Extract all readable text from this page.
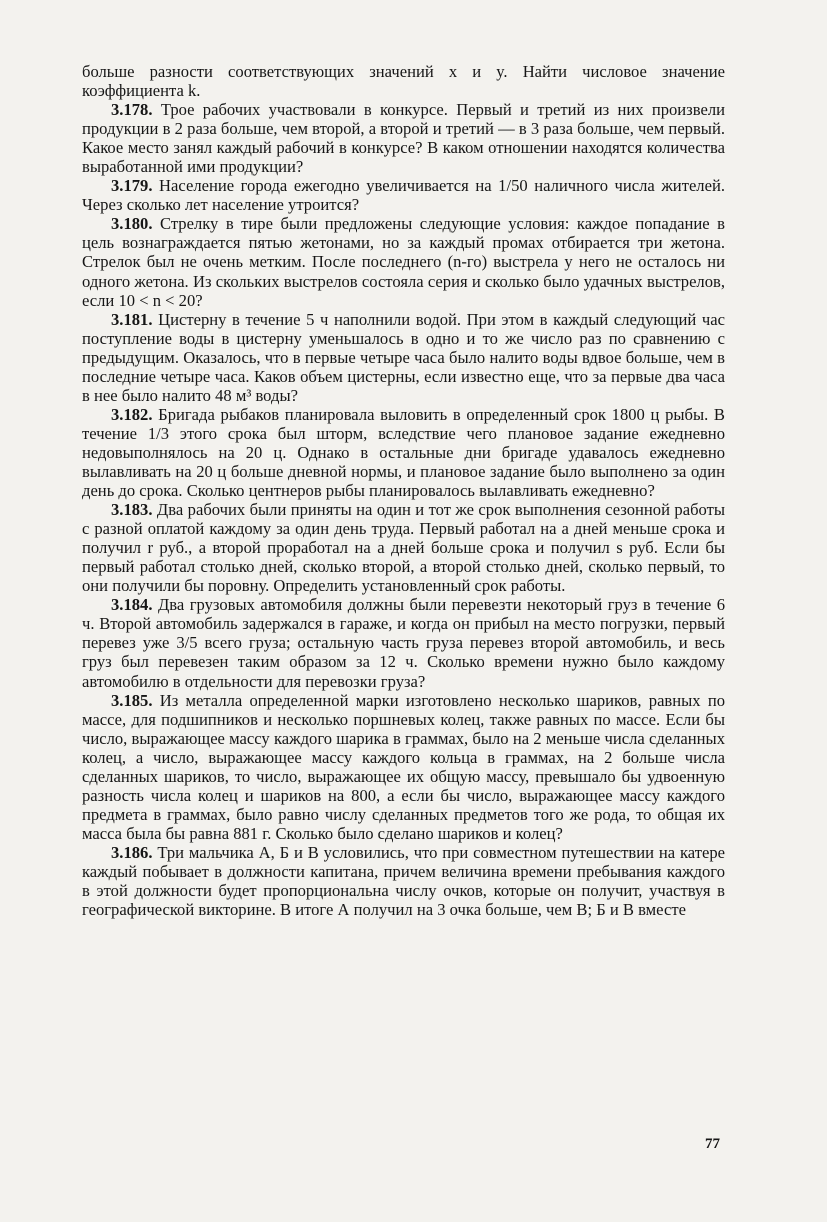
больше разности соответствующих значений x и y. Найти числовое значение коэффициента k.

3.178. Трое рабочих участвовали в конкурсе. Первый и третий из них произвели продукции в 2 раза больше, чем второй, а второй и третий — в 3 раза больше, чем первый. Какое место занял каждый рабочий в конкурсе? В каком отношении находятся количества выработанной ими продукции?

3.179. Население города ежегодно увеличивается на 1/50 наличного числа жителей. Через сколько лет население утроится?

3.180. Стрелку в тире были предложены следующие условия: каждое попадание в цель вознаграждается пятью жетонами, но за каждый промах отбирается три жетона. Стрелок был не очень метким. После последнего (n-го) выстрела у него не осталось ни одного жетона. Из скольких выстрелов состояла серия и сколько было удачных выстрелов, если 10 < n < 20?

3.181. Цистерну в течение 5 ч наполнили водой. При этом в каждый следующий час поступление воды в цистерну уменьшалось в одно и то же число раз по сравнению с предыдущим. Оказалось, что в первые четыре часа было налито воды вдвое больше, чем в последние четыре часа. Каков объем цистерны, если известно еще, что за первые два часа в нее было налито 48 м³ воды?

3.182. Бригада рыбаков планировала выловить в определенный срок 1800 ц рыбы. В течение 1/3 этого срока был шторм, вследствие чего плановое задание ежедневно недовыполнялось на 20 ц. Однако в остальные дни бригаде удавалось ежедневно вылавливать на 20 ц больше дневной нормы, и плановое задание было выполнено за один день до срока. Сколько центнеров рыбы планировалось вылавливать ежедневно?

3.183. Два рабочих были приняты на один и тот же срок выполнения сезонной работы с разной оплатой каждому за один день труда. Первый работал на a дней меньше срока и получил r руб., а второй проработал на a дней больше срока и получил s руб. Если бы первый работал столько дней, сколько второй, а второй столько дней, сколько первый, то они получили бы поровну. Определить установленный срок работы.

3.184. Два грузовых автомобиля должны были перевезти некоторый груз в течение 6 ч. Второй автомобиль задержался в гараже, и когда он прибыл на место погрузки, первый перевез уже 3/5 всего груза; остальную часть груза перевез второй автомобиль, и весь груз был перевезен таким образом за 12 ч. Сколько времени нужно было каждому автомобилю в отдельности для перевозки груза?

3.185. Из металла определенной марки изготовлено несколько шариков, равных по массе, для подшипников и несколько поршневых колец, также равных по массе. Если бы число, выражающее массу каждого шарика в граммах, было на 2 меньше числа сделанных колец, а число, выражающее массу каждого кольца в граммах, на 2 больше числа сделанных шариков, то число, выражающее их общую массу, превышало бы удвоенную разность числа колец и шариков на 800, а если бы число, выражающее массу каждого предмета в граммах, было равно числу сделанных предметов того же рода, то общая их масса была бы равна 881 г. Сколько было сделано шариков и колец?

3.186. Три мальчика А, Б и В условились, что при совместном путешествии на катере каждый побывает в должности капитана, причем величина времени пребывания каждого в этой должности будет пропорциональна числу очков, которые он получит, участвуя в географической викторине. В итоге А получил на 3 очка больше, чем В; Б и В вместе

77
